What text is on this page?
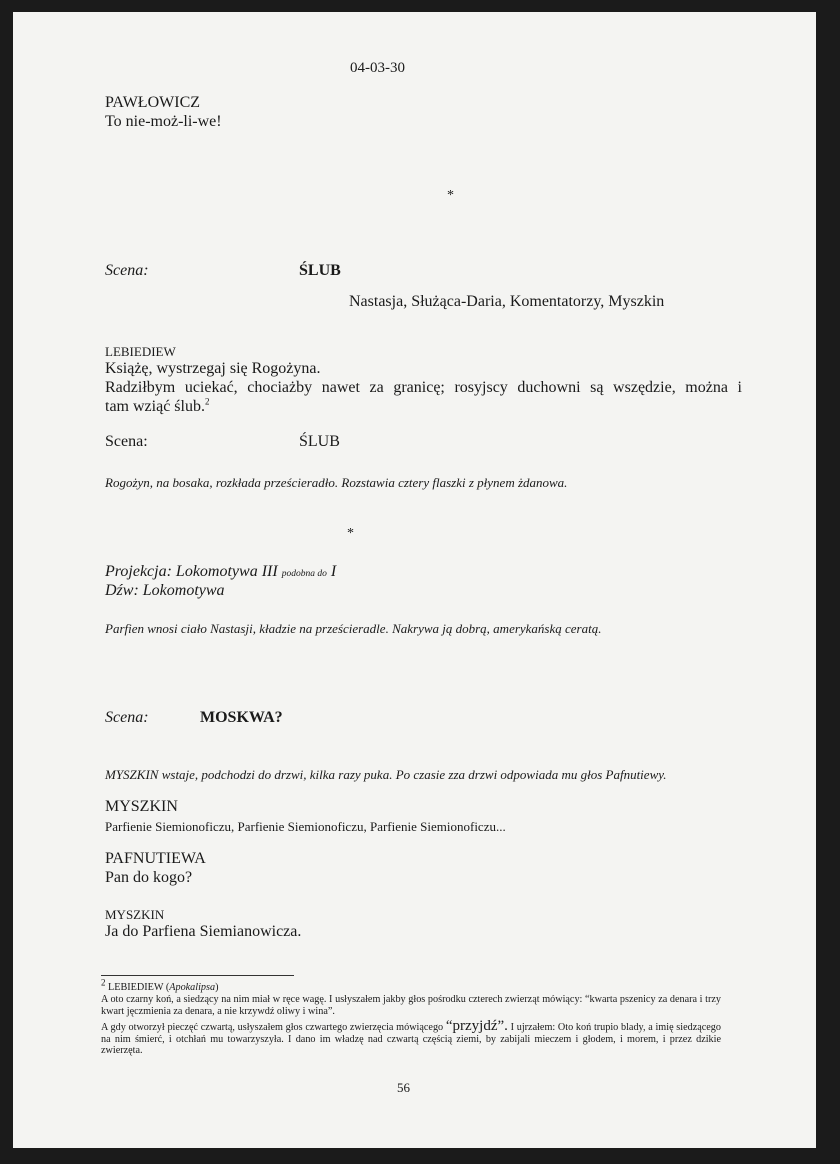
04-03-30
PAWŁOWICZ
To nie-moż-li-we!
*
Scena:	ŚLUB
Nastasja, Służąca-Daria, Komentatorzy, Myszkin
LEBIEDIEW
Książę, wystrzegaj się Rogożyna.
Radziłbym uciekać, chociażby nawet za granicę; rosyjscy duchowni są wszędzie, można i
tam wziąć ślub.$^2$
Scena:	ŚLUB
Rogożyn, na bosaka, rozkłada prześcieradło. Rozstawia cztery flaszki z płynem żdanowa.
*
Projekcja: Lokomotywa III podobna do I
Dźw: Lokomotywa
Parfien wnosi ciało Nastasji, kładzie na prześcieradle. Nakrywa ją dobrą, amerykańską ceratą.
Scena:	MOSKWA?
MYSZKIN wstaje, podchodzi do drzwi, kilka razy puka. Po czasie zza drzwi odpowiada mu głos Pafnutiewy.
MYSZKIN
Parfienie Siemionoficzu, Parfienie Siemionoficzu, Parfienie Siemionoficzu...
PAFNUTIEWA
Pan do kogo?
MYSZKIN
Ja do Parfiena Siemianowicza.
$^2$ LEBIEDIEW (Apokalipsa)
A oto czarny koń, a siedzący na nim miał w ręce wagę. I usłyszałem jakby głos pośrodku czterech zwierząt mówiący: “kwarta pszenicy za denara i trzy kwart jęczmienia za denara, a nie krzywdź oliwy i wina”.
A gdy otworzył pieczęć czwartą, usłyszałem głos czwartego zwierzęcia mówiącego “przyjdź”. I ujrzałem: Oto koń trupio blady, a imię siedzącego na nim śmierć, i otchłań mu towarzyszyła. I dano im władzę nad czwartą częścią ziemi, by zabijali mieczem i głodem, i morem, i przez dzikie zwierzęta.
56
